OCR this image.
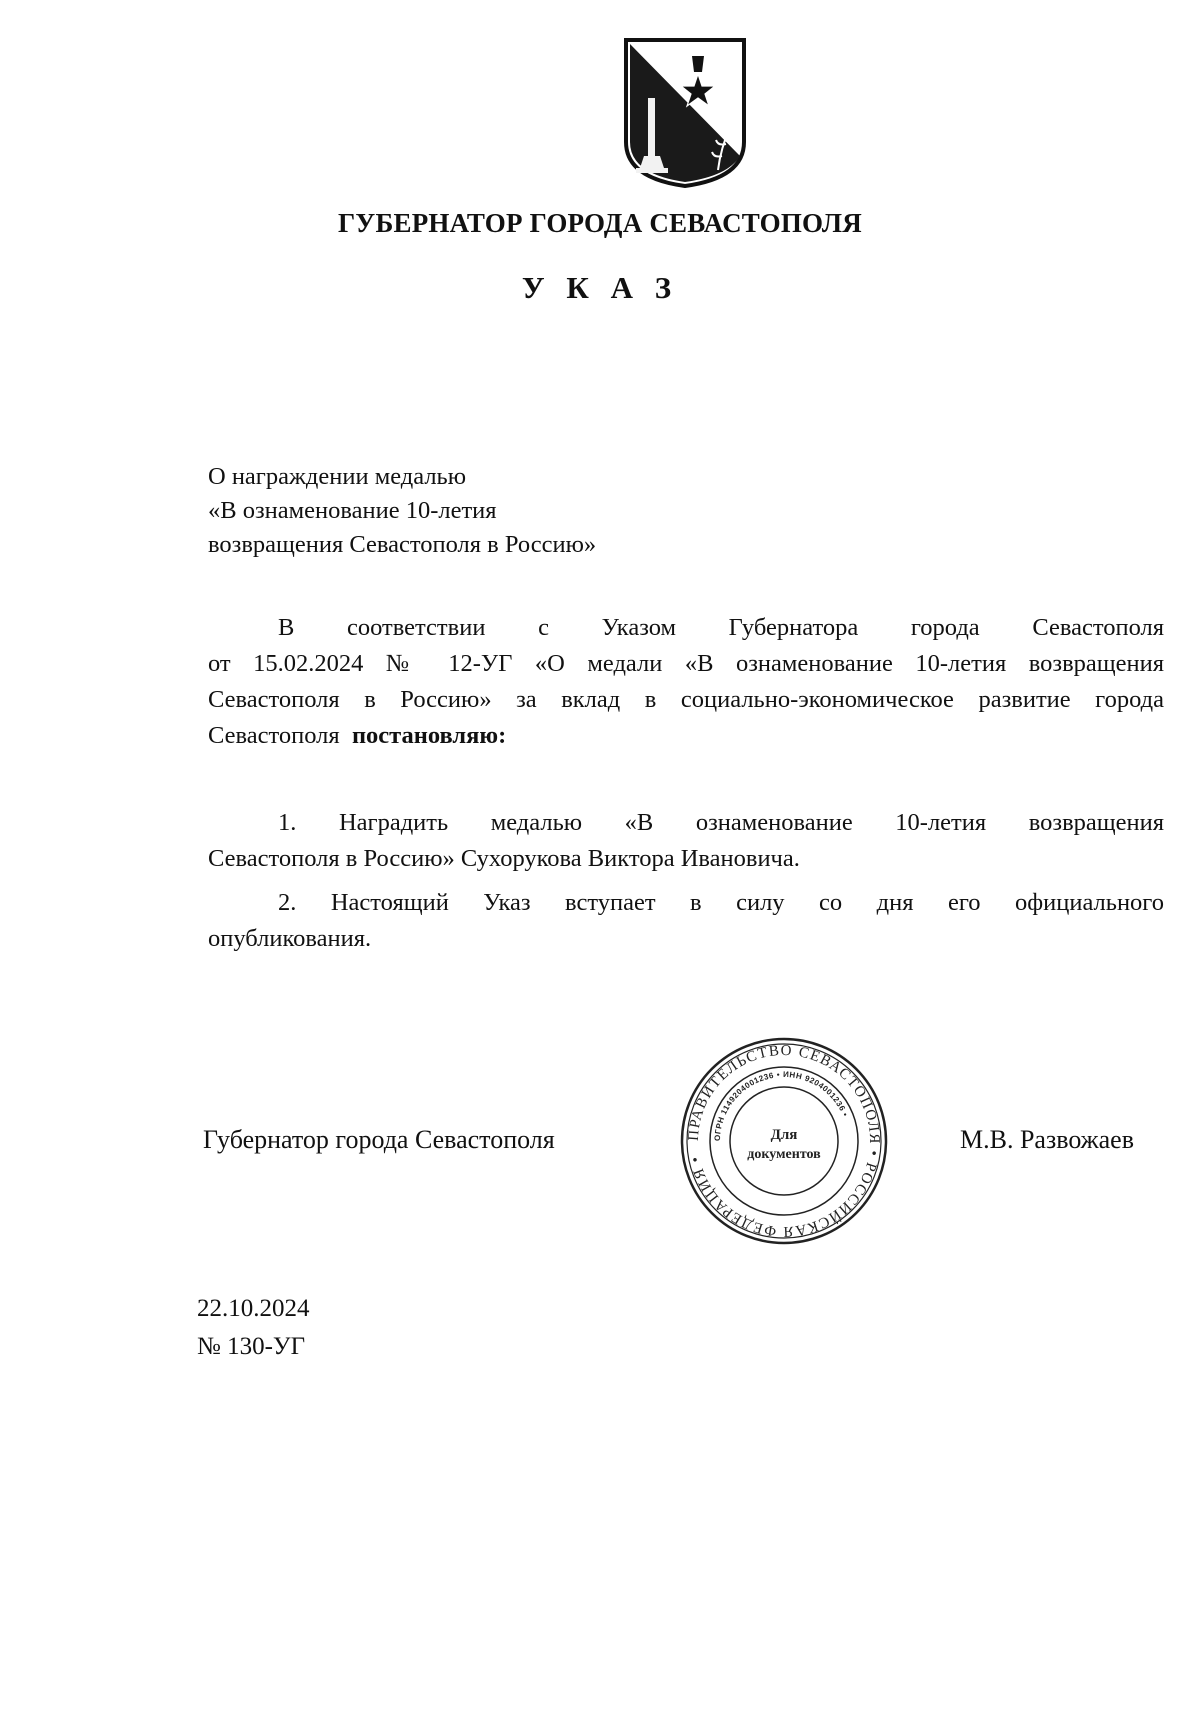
ГУБЕРНАТОР ГОРОДА СЕВАСТОПОЛЯ
У К А З
О награждении медалью
«В ознаменование 10-летия
возвращения Севастополя в Россию»
В соответствии с Указом Губернатора города Севастополя
от 15.02.2024 № 12-УГ «О медали «В ознаменование 10-летия возвращения
Севастополя в Россию» за вклад в социально-экономическое развитие города
Севастополя постановляю:
1. Наградить медалью «В ознаменование 10-летия возвращения
Севастополя в Россию» Сухорукова Виктора Ивановича.
2. Настоящий Указ вступает в силу со дня его официального
опубликования.
Губернатор города Севастополя	М.В. Развожаев
ПРАВИТЕЛЬСТВО СЕВАСТОПОЛЯ • РОССИЙСКАЯ ФЕДЕРАЦИЯ •
ОГРН 1149204001236 • ИНН 9204001236 •
Для
документов
22.10.2024
№ 130-УГ
